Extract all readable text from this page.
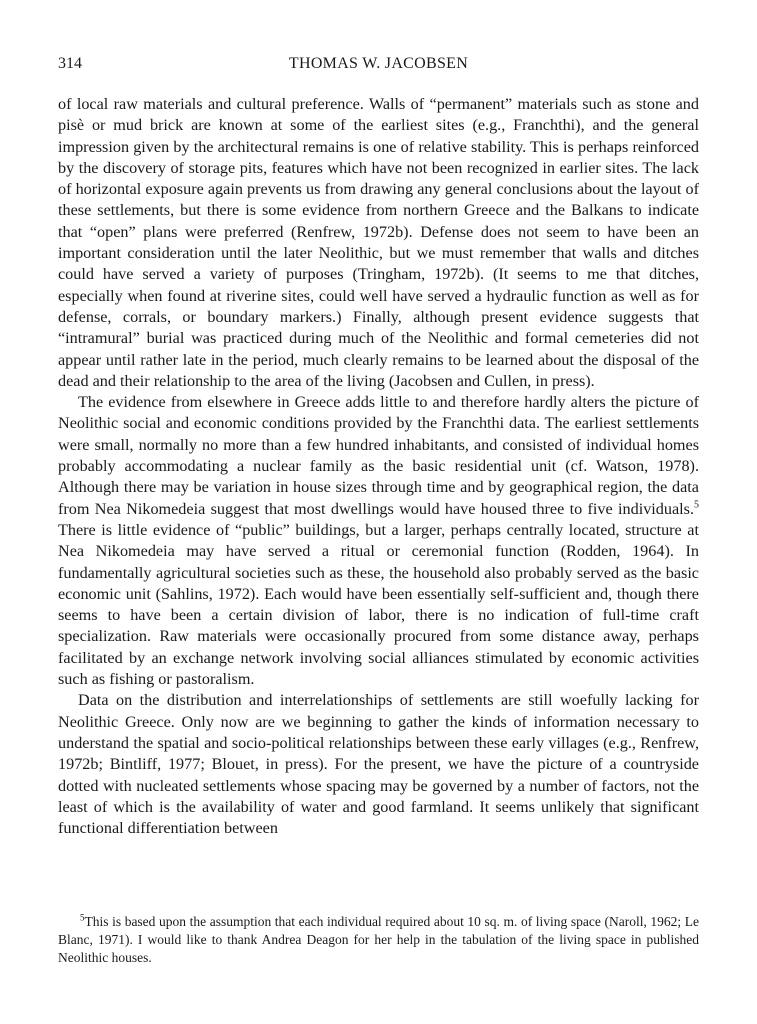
314	THOMAS W. JACOBSEN

of local raw materials and cultural preference. Walls of “permanent” materials such as stone and pisè or mud brick are known at some of the earliest sites (e.g., Franchthi), and the general impression given by the architectural remains is one of relative stability. This is perhaps reinforced by the discovery of storage pits, features which have not been recognized in earlier sites. The lack of horizontal exposure again prevents us from drawing any general conclusions about the layout of these settlements, but there is some evidence from northern Greece and the Balkans to indicate that “open” plans were preferred (Renfrew, 1972b). Defense does not seem to have been an important consideration until the later Neolithic, but we must remember that walls and ditches could have served a variety of purposes (Tringham, 1972b). (It seems to me that ditches, especially when found at riverine sites, could well have served a hydraulic function as well as for defense, corrals, or boundary markers.) Finally, although present evidence suggests that “intramural” burial was practiced during much of the Neolithic and formal cemeteries did not appear until rather late in the period, much clearly remains to be learned about the disposal of the dead and their relationship to the area of the living (Jacobsen and Cullen, in press).

The evidence from elsewhere in Greece adds little to and therefore hardly alters the picture of Neolithic social and economic conditions provided by the Franchthi data. The earliest settlements were small, normally no more than a few hundred inhabitants, and consisted of individual homes probably accommodating a nuclear family as the basic residential unit (cf. Watson, 1978). Although there may be variation in house sizes through time and by geographical region, the data from Nea Nikomedeia suggest that most dwellings would have housed three to five individuals.$^5$ There is little evidence of “public” buildings, but a larger, perhaps centrally located, structure at Nea Nikomedeia may have served a ritual or ceremonial function (Rodden, 1964). In fundamentally agricultural societies such as these, the household also probably served as the basic economic unit (Sahlins, 1972). Each would have been essentially self-sufficient and, though there seems to have been a certain division of labor, there is no indication of full-time craft specialization. Raw materials were occasionally procured from some distance away, perhaps facilitated by an exchange network involving social alliances stimulated by economic activities such as fishing or pastoralism.

Data on the distribution and interrelationships of settlements are still woefully lacking for Neolithic Greece. Only now are we beginning to gather the kinds of information necessary to understand the spatial and socio-political relationships between these early villages (e.g., Renfrew, 1972b; Bintliff, 1977; Blouet, in press). For the present, we have the picture of a countryside dotted with nucleated settlements whose spacing may be governed by a number of factors, not the least of which is the availability of water and good farmland. It seems unlikely that significant functional differentiation between

$^5$This is based upon the assumption that each individual required about 10 sq. m. of living space (Naroll, 1962; Le Blanc, 1971). I would like to thank Andrea Deagon for her help in the tabulation of the living space in published Neolithic houses.
